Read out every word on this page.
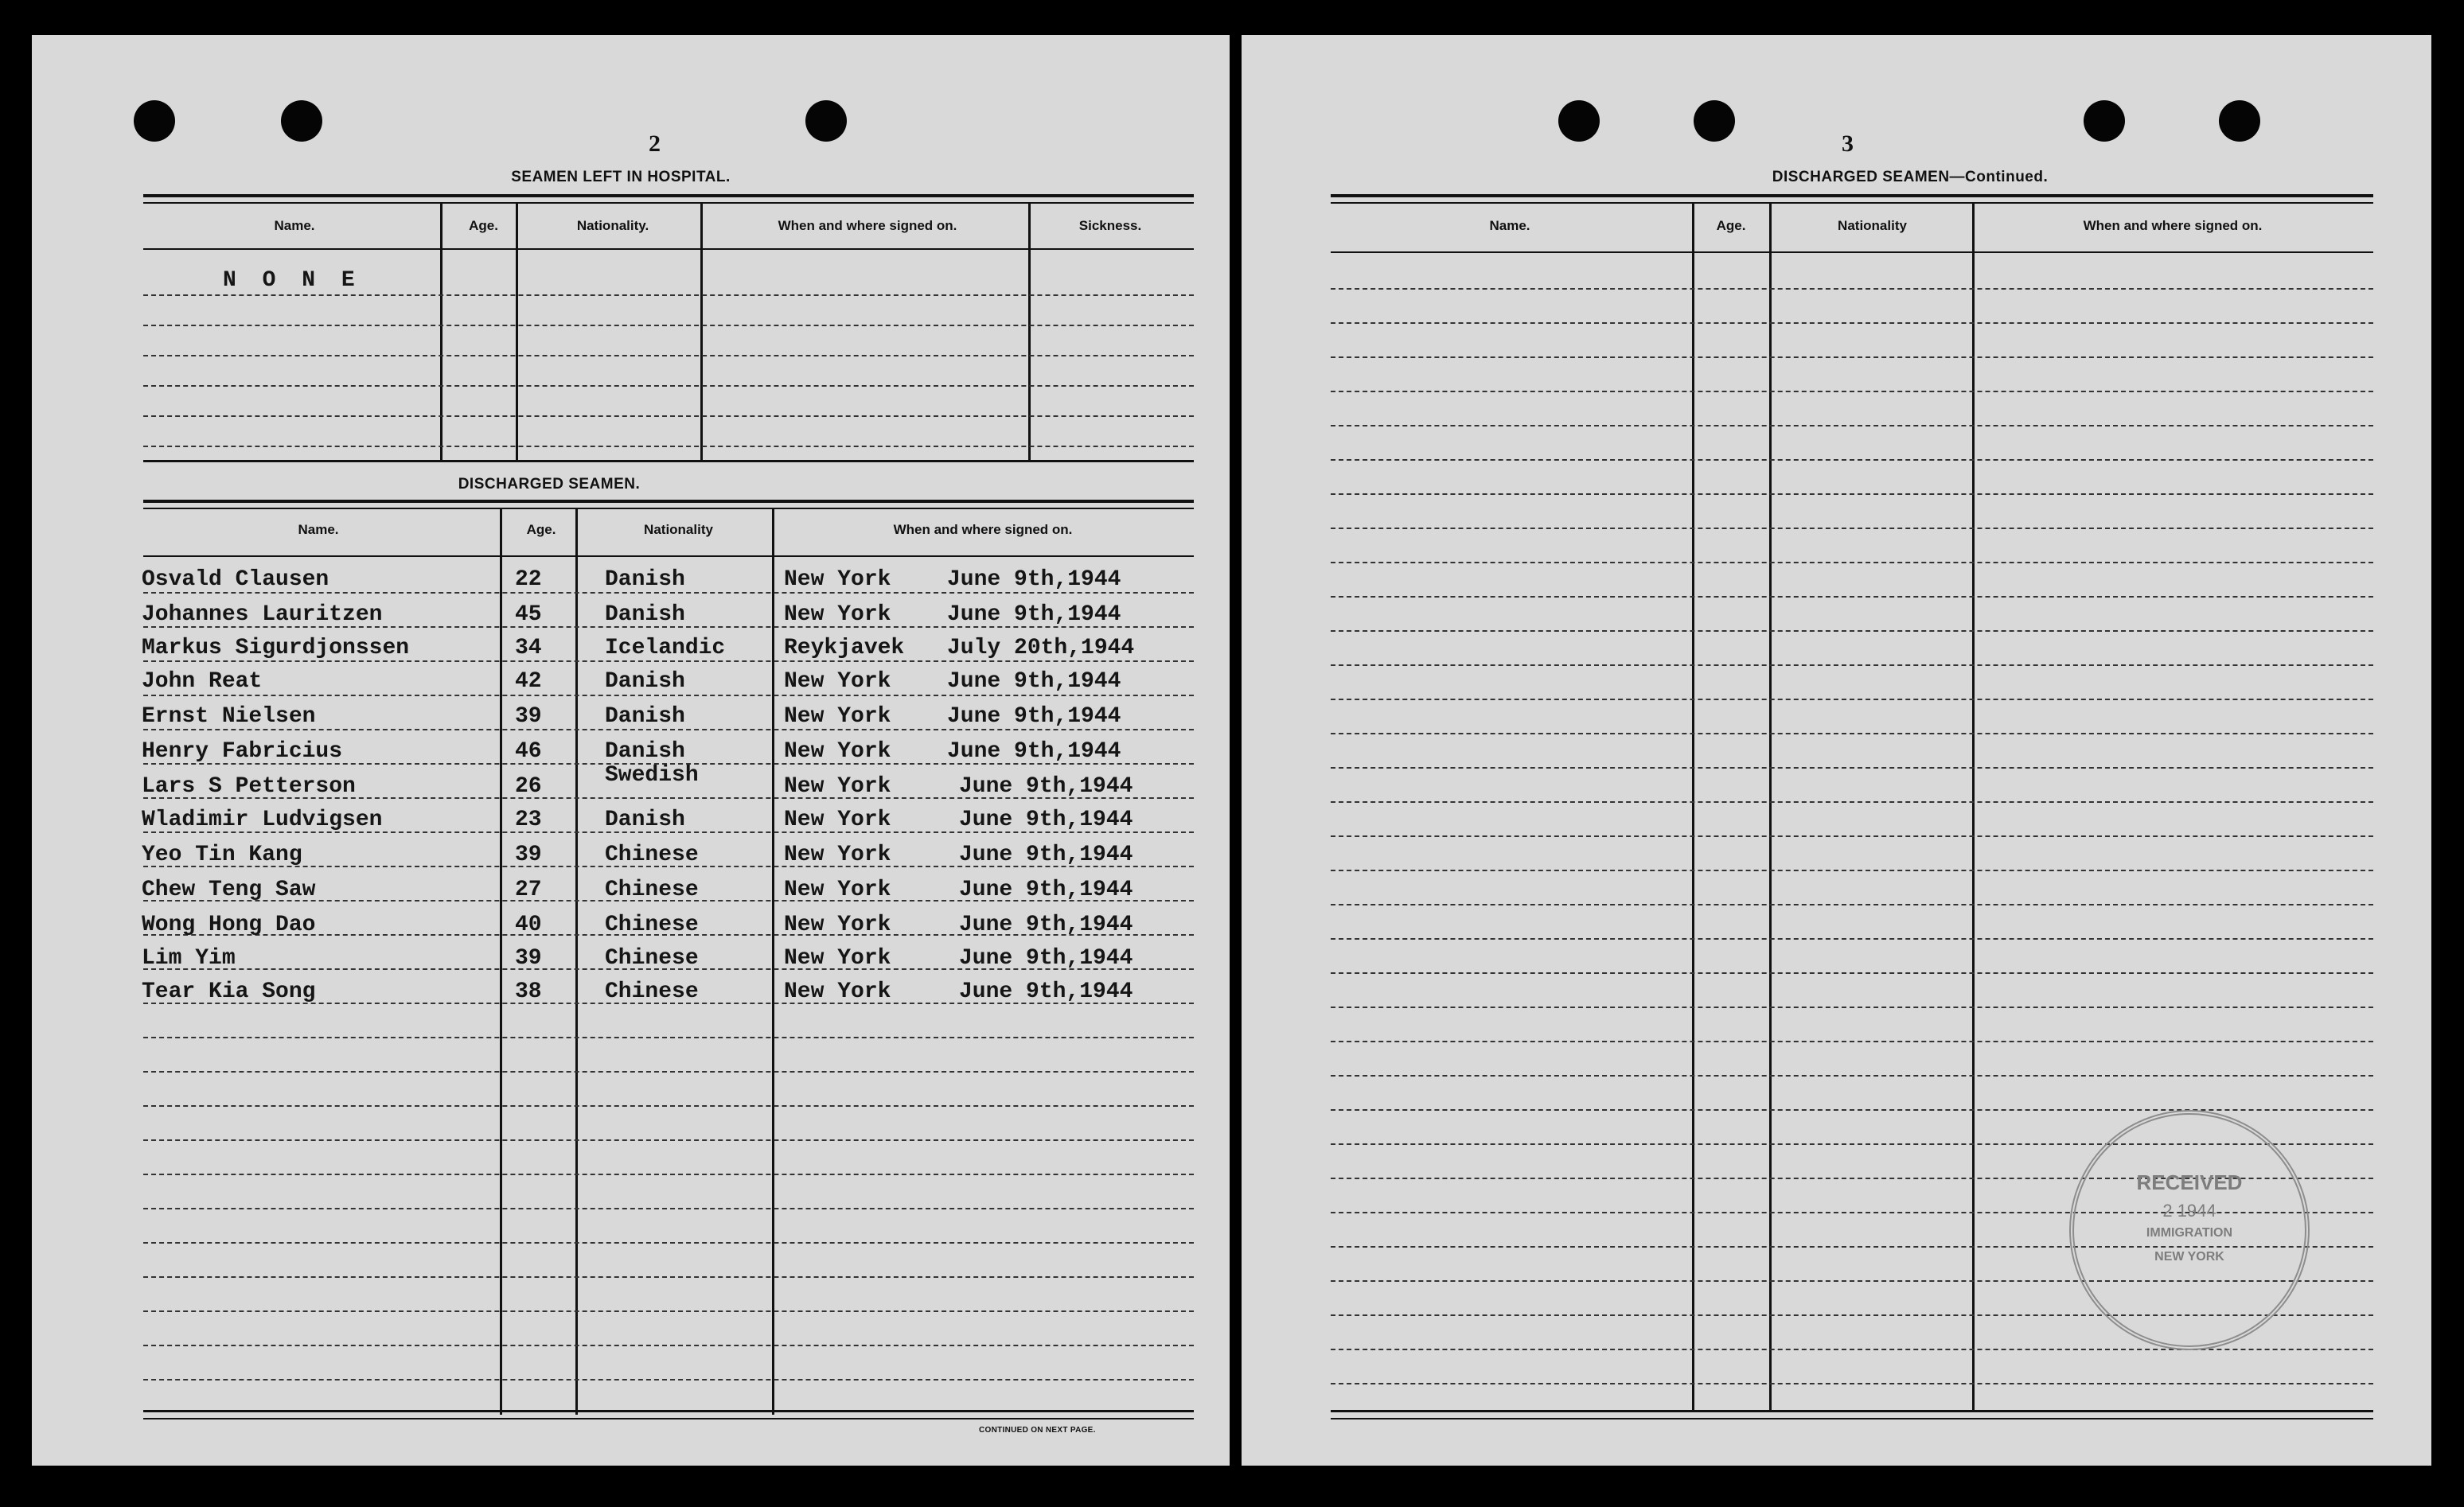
2
SEAMEN LEFT IN HOSPITAL.
Name.	Age.	Nationality.	When and where signed on.	Sickness.
N O N E
DISCHARGED SEAMEN.
Name.	Age.	Nationality	When and where signed on.
Osvald Clausen	22	Danish	New York	June 9th,1944
Johannes Lauritzen	45	Danish	New York	June 9th,1944
Markus Sigurdjonssen	34	Icelandic	Reykjavek July 20th,1944
John Reat	42	Danish	New York	June 9th,1944
Ernst Nielsen	39	Danish	New York	June 9th,1944
Henry Fabricius	46	Danish	New York	June 9th,1944
Lars S Petterson	26	Swedish	New York	June 9th,1944
Wladimir Ludvigsen	23	Danish	New York	June 9th,1944
Yeo Tin Kang	39	Chinese	New York	June 9th,1944
Chew Teng Saw	27	Chinese	New York	June 9th,1944
Wong Hong Dao	40	Chinese	New York	June 9th,1944
Lim Yim	39	Chinese	New York	June 9th,1944
Tear Kia Song	38	Chinese	New York	June 9th,1944
CONTINUED ON NEXT PAGE.
3
DISCHARGED SEAMEN—Continued.
Name.	Age.	Nationality	When and where signed on.
RECEIVED
2 1944
IMMIGRATION
NEW YORK
